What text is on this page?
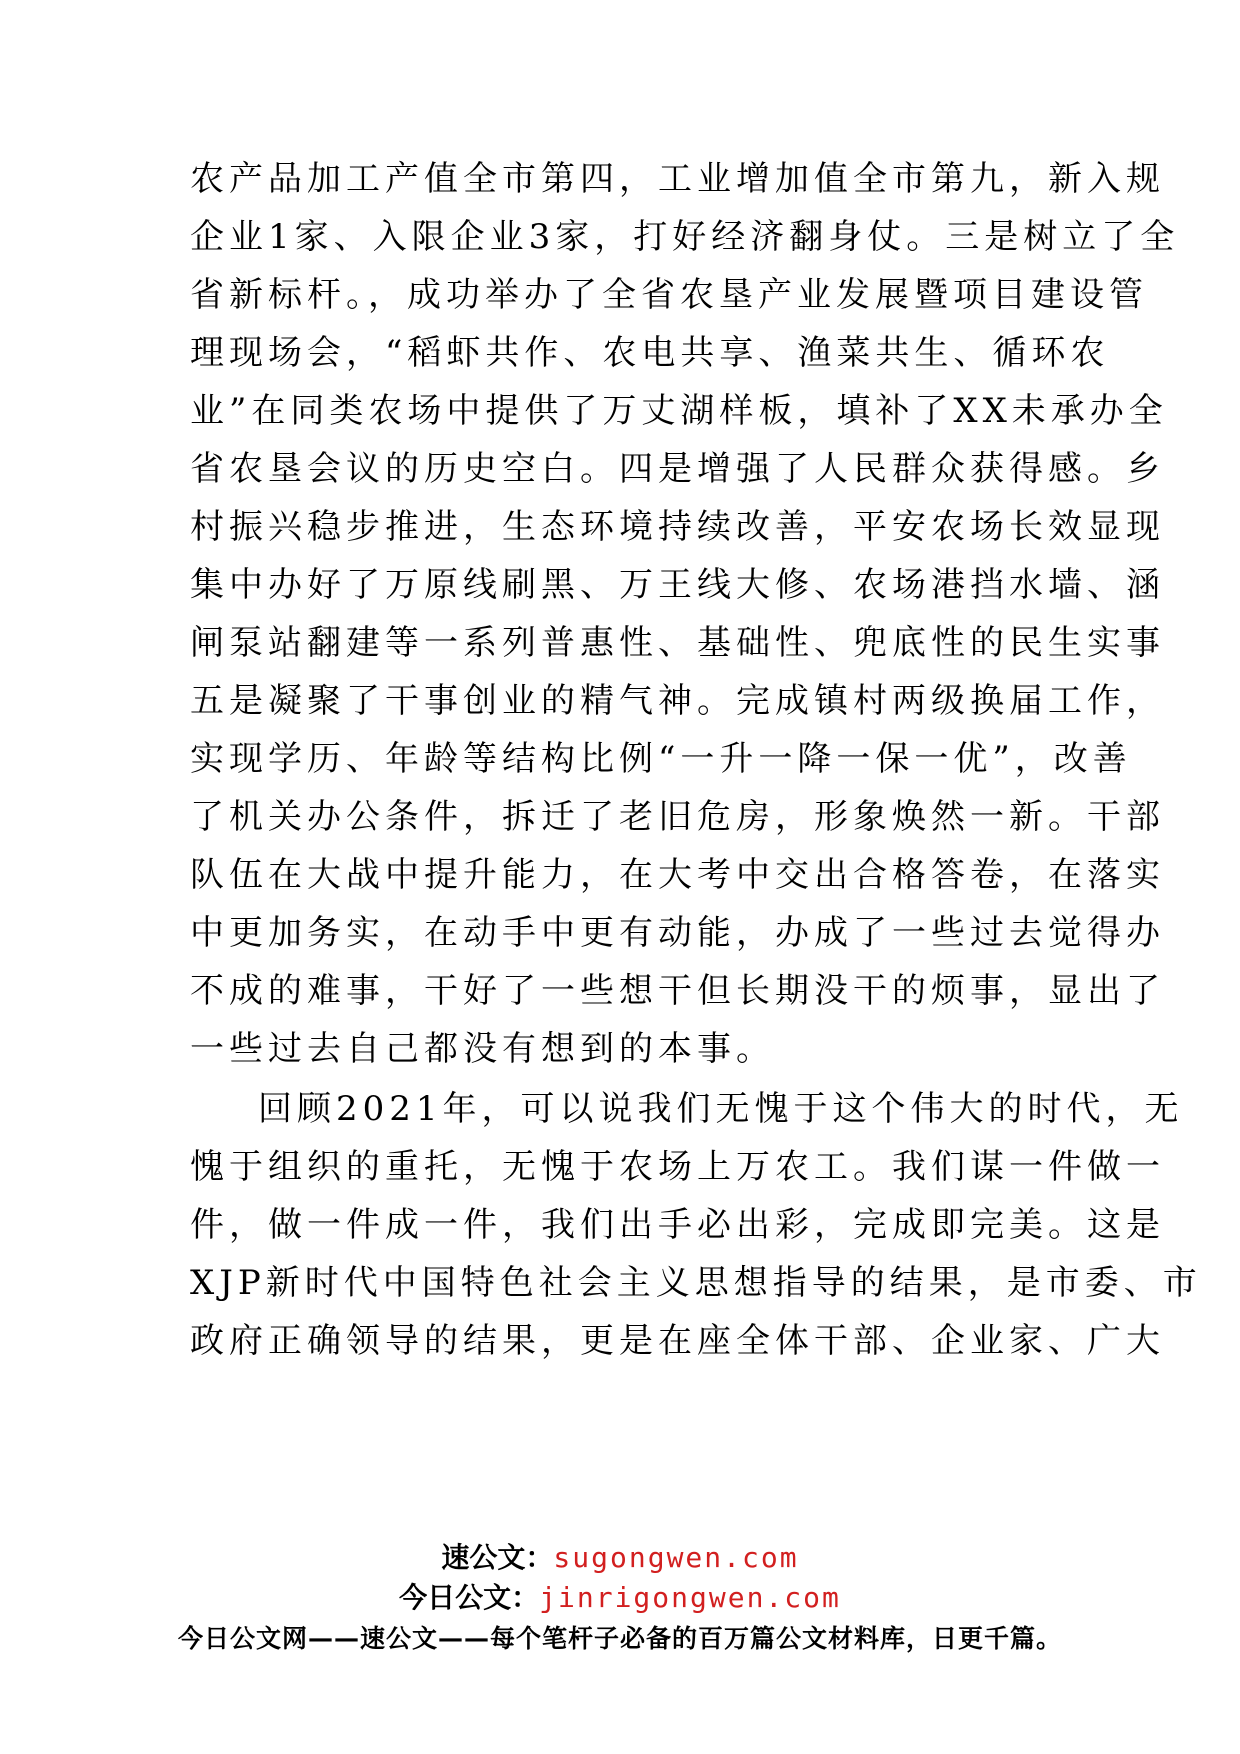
农产品加工产值全市第四，工业增加值全市第九，新入规
企业1家、入限企业3家，打好经济翻身仗。三是树立了全
省新标杆。，成功举办了全省农垦产业发展暨项目建设管
理现场会，“稻虾共作、农电共享、渔菜共生、循环农
业”在同类农场中提供了万丈湖样板，填补了XX未承办全
省农垦会议的历史空白。四是增强了人民群众获得感。乡
村振兴稳步推进，生态环境持续改善，平安农场长效显现
集中办好了万原线刷黑、万王线大修、农场港挡水墙、涵
闸泵站翻建等一系列普惠性、基础性、兜底性的民生实事
五是凝聚了干事创业的精气神。完成镇村两级换届工作，
实现学历、年龄等结构比例“一升一降一保一优”，改善
了机关办公条件，拆迁了老旧危房，形象焕然一新。干部
队伍在大战中提升能力，在大考中交出合格答卷，在落实
中更加务实，在动手中更有动能，办成了一些过去觉得办
不成的难事，干好了一些想干但长期没干的烦事，显出了
一些过去自己都没有想到的本事。
回顾2021年，可以说我们无愧于这个伟大的时代，无
愧于组织的重托，无愧于农场上万农工。我们谋一件做一
件，做一件成一件，我们出手必出彩，完成即完美。这是
XJP新时代中国特色社会主义思想指导的结果，是市委、市
政府正确领导的结果，更是在座全体干部、企业家、广大
速公文：sugongwen.com
今日公文：jinrigongwen.com
今日公文网——速公文——每个笔杆子必备的百万篇公文材料库，日更千篇。
